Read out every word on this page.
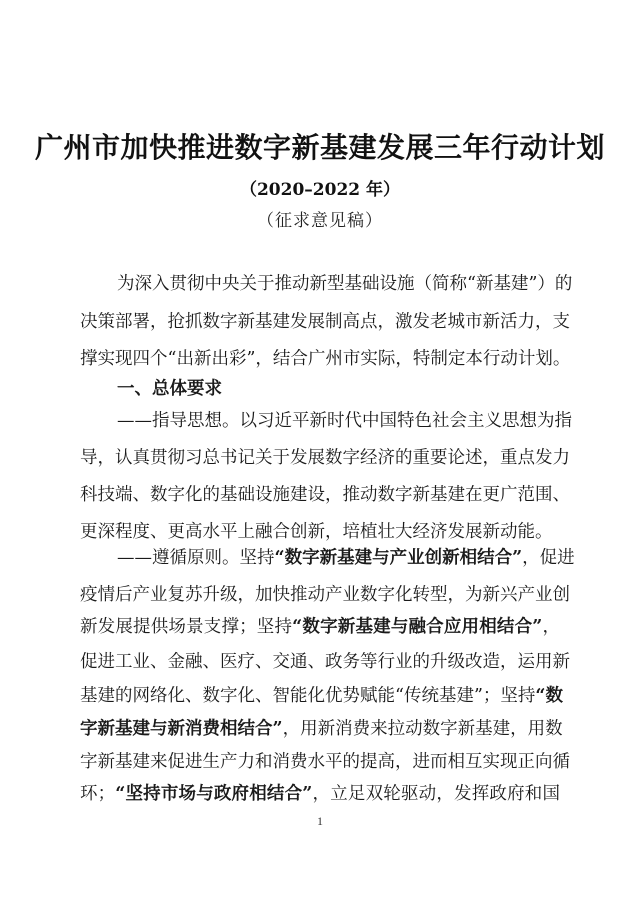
广州市加快推进数字新基建发展三年行动计划
（2020–2022 年）
（征求意见稿）
为深入贯彻中央关于推动新型基础设施（简称“新基建”）的
决策部署，抢抓数字新基建发展制高点，激发老城市新活力，支
撑实现四个“出新出彩”，结合广州市实际，特制定本行动计划。
一、总体要求
——指导思想。以习近平新时代中国特色社会主义思想为指
导，认真贯彻习总书记关于发展数字经济的重要论述，重点发力
科技端、数字化的基础设施建设，推动数字新基建在更广范围、
更深程度、更高水平上融合创新，培植壮大经济发展新动能。
——遵循原则。坚持“数字新基建与产业创新相结合”，促进
疫情后产业复苏升级，加快推动产业数字化转型，为新兴产业创
新发展提供场景支撑；坚持“数字新基建与融合应用相结合”，
促进工业、金融、医疗、交通、政务等行业的升级改造，运用新
基建的网络化、数字化、智能化优势赋能“传统基建”；坚持“数
字新基建与新消费相结合”，用新消费来拉动数字新基建，用数
字新基建来促进生产力和消费水平的提高，进而相互实现正向循
环；“坚持市场与政府相结合”，立足双轮驱动，发挥政府和国
1
